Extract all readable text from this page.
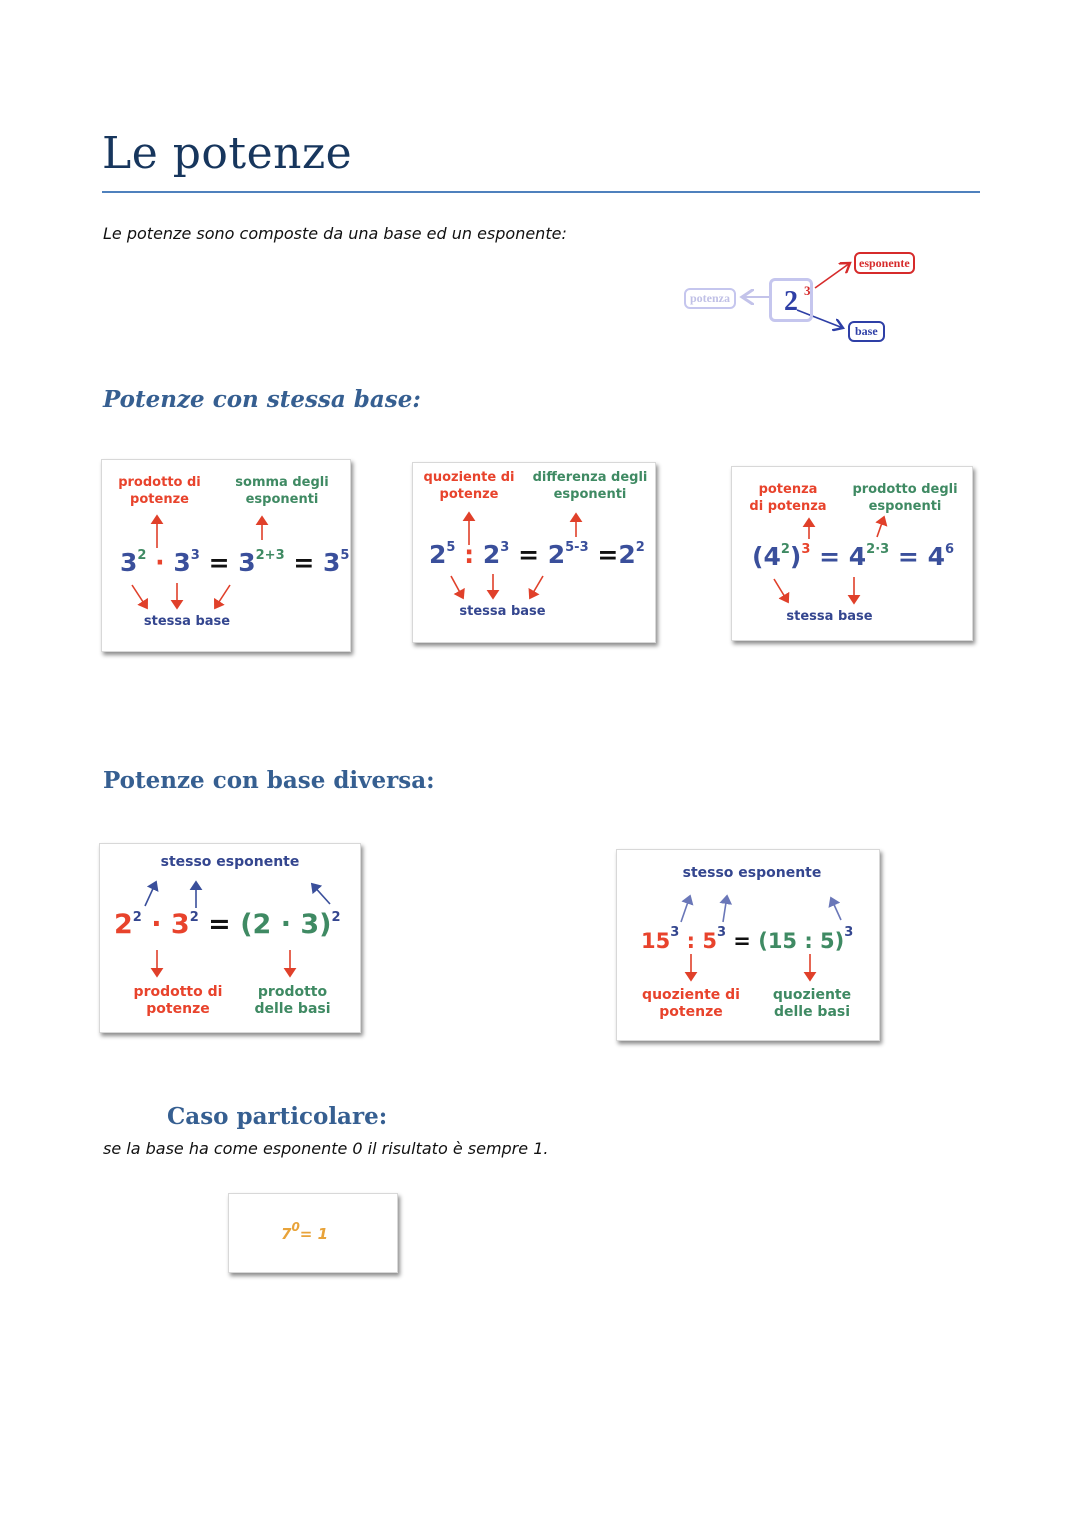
Le potenze
Le potenze sono composte da una base ed un esponente:
2 3
potenza
esponente
base
Potenze con stessa base:
prodotto di
potenze
somma degli
esponenti
$3^2 \cdot 3^3 = 3^{2+3} = 3^5$
stessa base
quoziente di
potenze
differenza degli
esponenti
$2^5$ : $2^3 = 2^{5-3} =2^2$
stessa base
potenza
di potenza
prodotto degli
esponenti
$(4^2)^3 = 4^{2\cdot 3} = 4^6$
stessa base
Potenze con base diversa:
stesso esponente
$2^2 \cdot 3^2 = (2 \cdot 3)^2$
prodotto di
potenze
prodotto
delle basi
stesso esponente
$15^3$ : $5^3 = (15$ : 5)$^3$
quoziente di
potenze
quoziente
delle basi
Caso particolare:
se la base ha come esponente 0 il risultato è sempre 1.
$7^0= 1$
